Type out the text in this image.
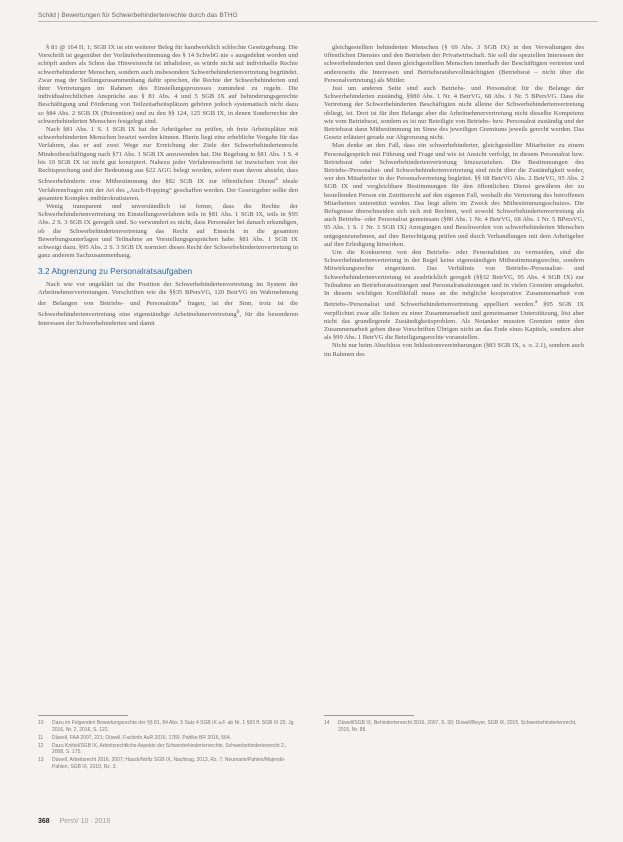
Schild | Bewertungen für Schwerbehindertenrechte durch das BTHG

§ 81 @ 164 II, 1; SGB IX ist ein weiterer Beleg für handwerklich schlechte Gesetzgebung. Die Vorschrift ist gegenüber der Vorläuferbestimmung des § 14 SchwbG nie « ausgedehnt worden und schöpft anders als Schon das Hinweisrecht ist inhaltsleer, es würde nicht auf individuelle Rechte schwerbehinderter Menschen, sondern auch insbesondere Schwerbehindertenvertretung begründet. Zwar mag der Stellungszusammenhang dafür sprechen, die Rechte der Schwerbehinderten und ihrer Vertretungen im Rahmen des Einstellungsprozesses zumindest zu regeln. Die individualrechtlichen Ansprüche aus § 81 Abs. 4 und 5 SGB IX auf behinderungsgerechte Beschäftigung und Förderung von Teilzeitarbeitsplätzen gehören jedoch systematisch nicht dazu so §84 Abs. 2 SGB IX (Prävention) und zu den §§ 124, 125 SGB IX, in denen Sonderrechte der schwerbehinderten Menschen festgelegt sind.

Nach §81 Abs. 1 S. 1 SGB IX hat der Arbeitgeber zu prüfen, ob freie Arbeitsplätze mit schwerbehinderten Menschen besetzt werden können. Hierin liegt eine erhebliche Vorgabe für das Verfahren, das er auf zwei Wege zur Erreichung der Ziele der Schwerbehindertenrecht Mindestbeschäftigung nach §71 Abs. 1 SGB IX anzuwenden hat. Die Regelung in §81 Abs. 1 S. 4 bis 10 SGB IX ist nicht gut konzipiert. Nahezu jeder Verfahrensschritt ist inzwischen von der Rechtsprechung und der Bedeutung aus §22 AGG belegt worden, sofern man davon absieht, dass Schwerbehinderte eine Mitbestimmung der §82 SGB IX zur öffentlichen Dienst$^a$ ideale Verfahrensfragen mit der Art des „Auch-Hopping“ geschaffen werden. Der Gesetzgeber sollte den gesamten Komplex entbürokratisieren.

Wenig transparent und unverständlich ist ferner, dass die Rechte der Schwerbehindertenvertretung im Einstellungsverfahren teils in §81 Abs. 1 SGB IX, teils in §95 Abs. 2 S. 3 SGB IX geregelt sind. So verwundert es nicht, dass Personaler bei danach erkundigen, ob die Schwerbehindertenvertretung das Recht auf Einsicht in die gesamten Bewerbungsunterlagen und Teilnahme an Vorstellungsgesprächen habe. §81 Abs. 1 SGB IX schweigt dazu. §95 Abs. 2 S. 3 SGB IX normiert dieses Recht der Schwerbehindertenvertretung in ganz anderem Sachzusammenhang.

3.2 Abgrenzung zu Personalratsaufgaben

Nach wie vor ungeklärt ist die Position der Schwerbehindertenvertretung im System der Arbeitnehmervertretungen. Vorschriften wie die §§35 BPersVG, 120 BetrVG im Wahrnehmung der Belangen von Betriebs- und Personalräte$^a$ fragen, ist der Sinn, trotz ist die Schwerbehindertenvertretung eine eigenständige Arbeitnehmervertretung$^b$, für die besonderen Interessen der Schwerbehinderten und damit

gleichgestellten behinderten Menschen (§ 69 Abs. 3 SGB IX) in den Verwaltungen des öffentlichen Dienstes und den Betrieben der Privatwirtschaft. Sie soll die speziellen Interessen der schwerbehinderten und ihnen gleichgestellten Menschen innerhalb der Beschäftigten vertreten und andererseits die Interessen und Betriebsratsbevollmächtigten (Betriebsrat – nicht über die Personalvertretung) als Mittler.

Just um anderen Seite sind auch Betriebs- und Personalrat für die Belange der Schwerbehinderten zuständig, §§80 Abs. 1 Nr. 4 BetrVG, 68 Abs. 1 Nr. 5 BPersVG. Dass die Vertretung der Schwerbehinderten Beschäftigten nicht alleine der Schwerbehindertenvertretung obliegt, ist. Dort ist für ihre Belange aber die Arbeitnehmervertretung nicht dieselbe Kompetenz wie vom Betriebsrat, sondern es ist nur Beteiligte von Betriebs- bzw. Personalrat zuständig und der Betriebsrat dann Mitbestimmung im Sinne des jeweiligen Gremiums jeweils gerecht werden. Das Gesetz erläutert gerade zur Abgrenzung nicht.

Man denke an den Fall, dass ein schwerbehinderter, gleichgestellter Mitarbeiter zu einem Personalgespräch mit Führung und Frage und wie ist Ansicht verfolgt, in diesem Personalrat bzw. Betriebsrat oder Schwerbehindertenvertretung hinzuzuziehen. Die Bestimmungen des Betriebs-/Personalrat- und Schwerbehindertenvertretung sind nicht über die Zuständigkeit weder, wer den Mitarbeiter in der Personalvertretung begleitet. §§ 68 BetrVG Abs. 2 BetrVG, 95 Abs. 2 SGB IX und vergleichbare Bestimmungen für den öffentlichen Dienst gewähren der zu bestellenden Person ein Zutrittsrecht auf den eigenen Fall, weshalb die Vertretung des betroffenen Mitarbeiters unterstützt werden. Das liegt allein im Zweck des Mitbestimmungsschutzes. Die Befugnisse überschneiden sich sich mit Rechten, weil sowohl Schwerbehindertenvertretung als auch Betriebs- oder Personalrat gemeinsam (§80 Abs. 1 Nr. 4 BetrVG, 68 Abs. 1 Nr. 5 BPersVG, 95 Abs. 1 S. 1 Nr. 3 SGB IX) Anregungen und Beschwerden von schwerbehinderten Menschen entgegenzunehmen, auf ihre Berechtigung prüfen und durch Verhandlungen mit dem Arbeitgeber auf ihre Erledigung hinwirken.

Um die Konkurrenz von den Betriebs- oder Personalräten zu vermeiden, sind die Schwerbehindertenvertretung in der Regel keine eigenständigen Mitbestimmungsrechte, sondern Mitwirkungsrechte eingeräumt. Das Verhältnis von Betriebs-/Personalrat- und Schwerbehindertenvertretung ist ausdrücklich geregelt (§§32 BetrVG, 95 Abs. 4 SGB IX) zur Teilnahme an Betriebsratssitzungen und Personalratssitzungen und in vielen Gremien umgekehrt. In diesem wichtigen Konfliktfall muss an die mögliche kooperative Zusammenarbeit von Betriebs-/Personalrat und Schwerbehindertenvertretung appelliert werden.$^a$ §95 SGB IX verpflichtet zwar alle Seiten zu einer Zusammenarbeit und gemeinsamer Unterstützung, löst aber nicht das grundlegende Zuständigkeitsproblem. Als Notanker mussten Gremien unter den Zusammenarbeit geben diese Vorschriften Übrigen nicht an das Ende eines Kapitels, sondern aber als §99 Abs. 1 BetrVG die Beteiligungsrechte voranstellen.

Nicht nur beim Abschluss von Inklusionsvereinbarungen (§83 SGB IX, s. o. 2.1), sondern auch im Rahmen des

10	Dazu im Folgenden Bewertungsrechte der §§ 81, 84 Abs. 5 Satz 4 SGB IX a.F. ab Nr. 1 §83 ff. SGB IX 20. Jg. 2016, Nr. 2, 2016, S. 122.
11	Düwell, FAA 2007, 221; Düwell, Fachinfo AuR 2016, 1789, Pahlke BR 2016, 564.
12	Dazu Knittel/SGB IX, Arbeitsrechtliche Aspekte der Schwerbehindertenrechte, Schwerbehindertenrecht 2., 2008, S. 175.
13	Düwell, Arbeitsrecht 2016, 2007; Hauck/Noftz SGB IX, Nachtrag, 2013, Rz. 7; Neumann/Pahlen/Majerski-Pahlen, SGB IX, 2010, Rz. 3.
14	Düwell/SGB IX, Behindertenrecht 2016, 2007, S. 30; Düwell/Beyer, SGB IX, 2015, Schwerbehindertenrecht, 2015, Nr. 88.
368 PersV 10 · 2016
